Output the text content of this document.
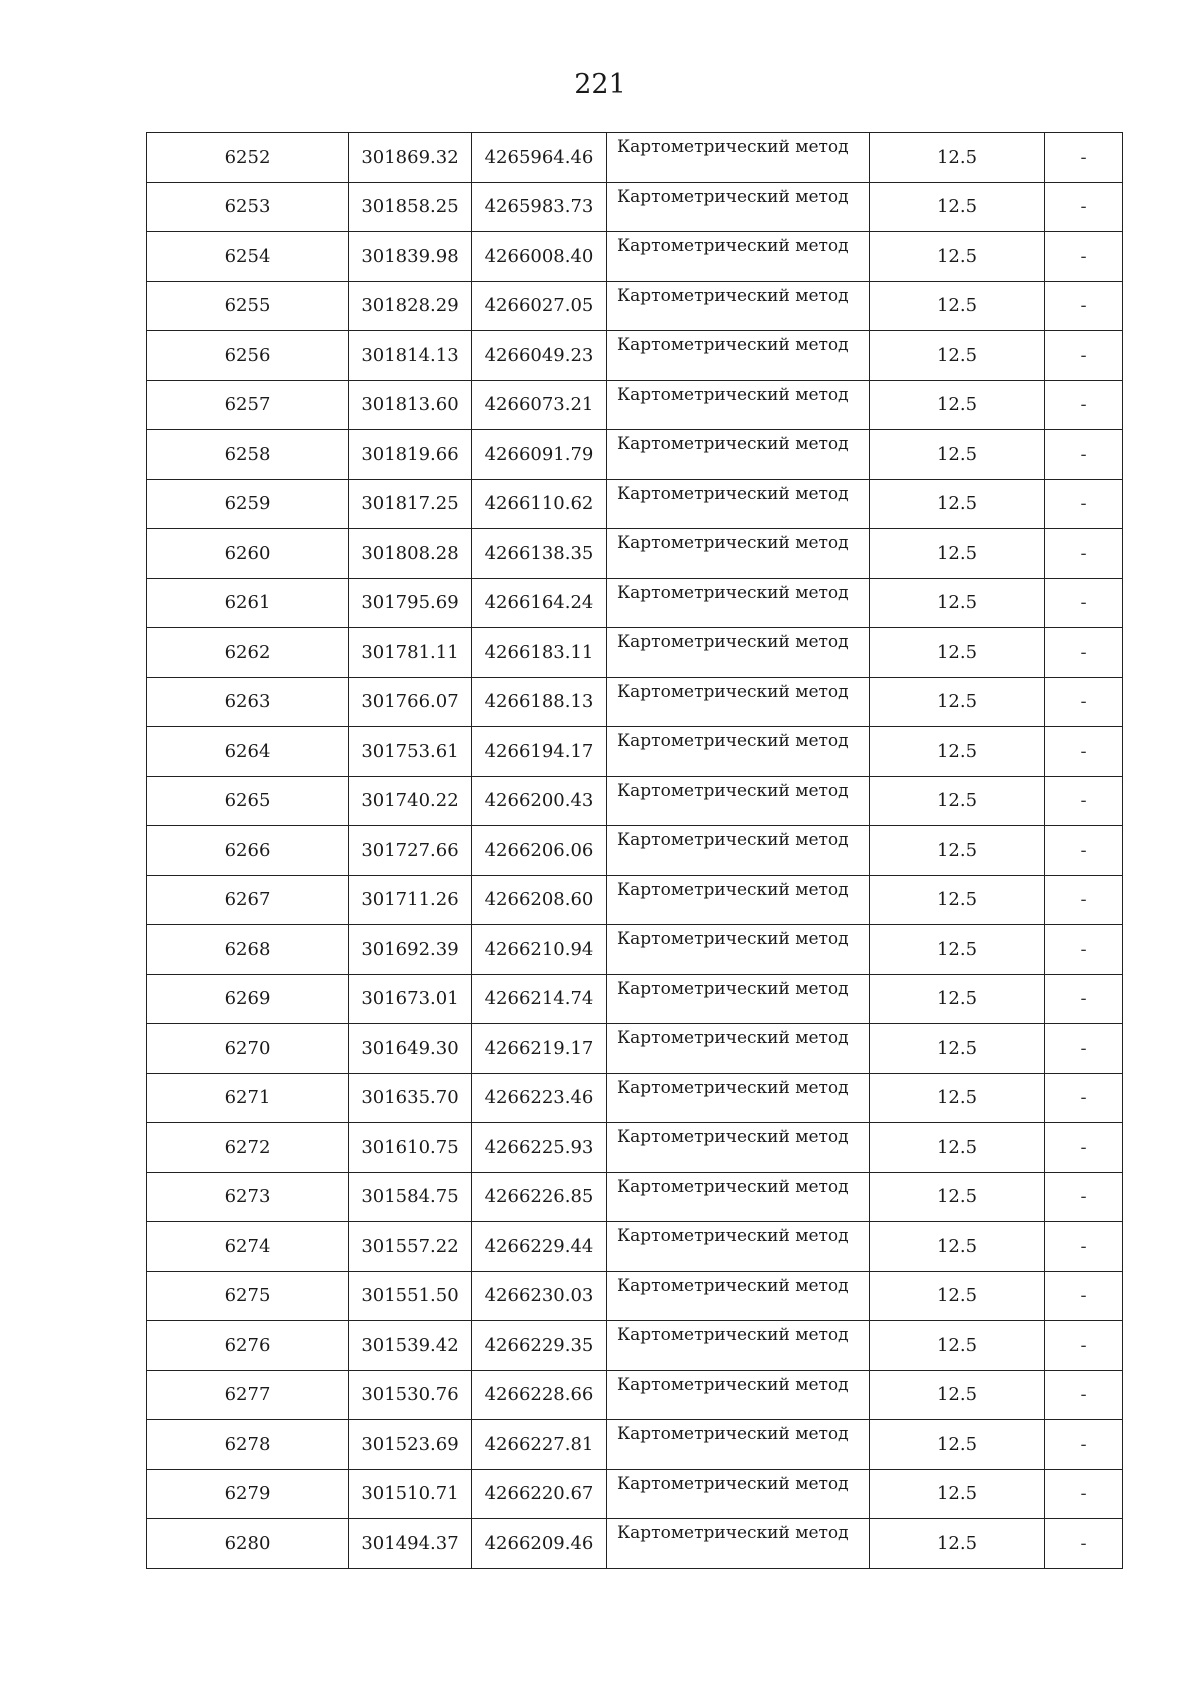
221
6252	301869.32	4265964.46	Картометрический метод	12.5	-
6253	301858.25	4265983.73	Картометрический метод	12.5	-
6254	301839.98	4266008.40	Картометрический метод	12.5	-
6255	301828.29	4266027.05	Картометрический метод	12.5	-
6256	301814.13	4266049.23	Картометрический метод	12.5	-
6257	301813.60	4266073.21	Картометрический метод	12.5	-
6258	301819.66	4266091.79	Картометрический метод	12.5	-
6259	301817.25	4266110.62	Картометрический метод	12.5	-
6260	301808.28	4266138.35	Картометрический метод	12.5	-
6261	301795.69	4266164.24	Картометрический метод	12.5	-
6262	301781.11	4266183.11	Картометрический метод	12.5	-
6263	301766.07	4266188.13	Картометрический метод	12.5	-
6264	301753.61	4266194.17	Картометрический метод	12.5	-
6265	301740.22	4266200.43	Картометрический метод	12.5	-
6266	301727.66	4266206.06	Картометрический метод	12.5	-
6267	301711.26	4266208.60	Картометрический метод	12.5	-
6268	301692.39	4266210.94	Картометрический метод	12.5	-
6269	301673.01	4266214.74	Картометрический метод	12.5	-
6270	301649.30	4266219.17	Картометрический метод	12.5	-
6271	301635.70	4266223.46	Картометрический метод	12.5	-
6272	301610.75	4266225.93	Картометрический метод	12.5	-
6273	301584.75	4266226.85	Картометрический метод	12.5	-
6274	301557.22	4266229.44	Картометрический метод	12.5	-
6275	301551.50	4266230.03	Картометрический метод	12.5	-
6276	301539.42	4266229.35	Картометрический метод	12.5	-
6277	301530.76	4266228.66	Картометрический метод	12.5	-
6278	301523.69	4266227.81	Картометрический метод	12.5	-
6279	301510.71	4266220.67	Картометрический метод	12.5	-
6280	301494.37	4266209.46	Картометрический метод	12.5	-
